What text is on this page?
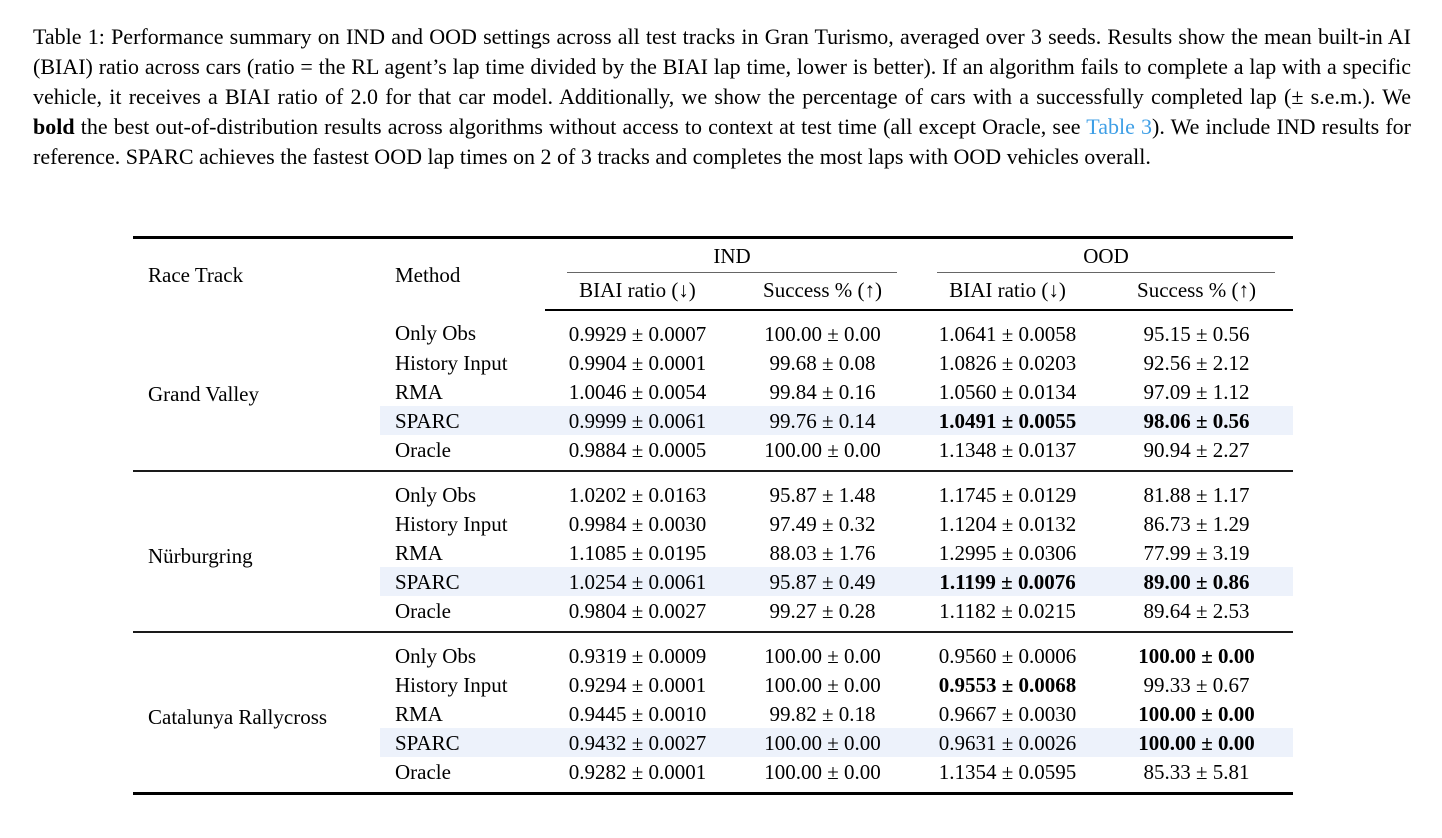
Table 1: Performance summary on IND and OOD settings across all test tracks in Gran Turismo, averaged over 3 seeds. Results show the mean built-in AI (BIAI) ratio across cars (ratio = the RL agent’s lap time divided by the BIAI lap time, lower is better). If an algorithm fails to complete a lap with a specific vehicle, it receives a BIAI ratio of 2.0 for that car model. Additionally, we show the percentage of cars with a successfully completed lap (± s.e.m.). We bold the best out-of-distribution results across algorithms without access to context at test time (all except Oracle, see Table 3). We include IND results for reference. SPARC achieves the fastest OOD lap times on 2 of 3 tracks and completes the most laps with OOD vehicles overall.

Race Track	Method	IND		OOD	

		BIAI ratio (↓)	Success % (↑)	BIAI ratio (↓)	Success % (↑)
Grand Valley	Only Obs	0.9929 ± 0.0007	100.00 ± 0.00	1.0641 ± 0.0058	95.15 ± 0.56
	History Input	0.9904 ± 0.0001	99.68 ± 0.08	1.0826 ± 0.0203	92.56 ± 2.12
	RMA	1.0046 ± 0.0054	99.84 ± 0.16	1.0560 ± 0.0134	97.09 ± 1.12
	SPARC	0.9999 ± 0.0061	99.76 ± 0.14	1.0491 ± 0.0055	98.06 ± 0.56
	Oracle	0.9884 ± 0.0005	100.00 ± 0.00	1.1348 ± 0.0137	90.94 ± 2.27
Nürburgring	Only Obs	1.0202 ± 0.0163	95.87 ± 1.48	1.1745 ± 0.0129	81.88 ± 1.17
	History Input	0.9984 ± 0.0030	97.49 ± 0.32	1.1204 ± 0.0132	86.73 ± 1.29
	RMA	1.1085 ± 0.0195	88.03 ± 1.76	1.2995 ± 0.0306	77.99 ± 3.19
	SPARC	1.0254 ± 0.0061	95.87 ± 0.49	1.1199 ± 0.0076	89.00 ± 0.86
	Oracle	0.9804 ± 0.0027	99.27 ± 0.28	1.1182 ± 0.0215	89.64 ± 2.53
Catalunya Rallycross	Only Obs	0.9319 ± 0.0009	100.00 ± 0.00	0.9560 ± 0.0006	100.00 ± 0.00
	History Input	0.9294 ± 0.0001	100.00 ± 0.00	0.9553 ± 0.0068	99.33 ± 0.67
	RMA	0.9445 ± 0.0010	99.82 ± 0.18	0.9667 ± 0.0030	100.00 ± 0.00
	SPARC	0.9432 ± 0.0027	100.00 ± 0.00	0.9631 ± 0.0026	100.00 ± 0.00
	Oracle	0.9282 ± 0.0001	100.00 ± 0.00	1.1354 ± 0.0595	85.33 ± 5.81
